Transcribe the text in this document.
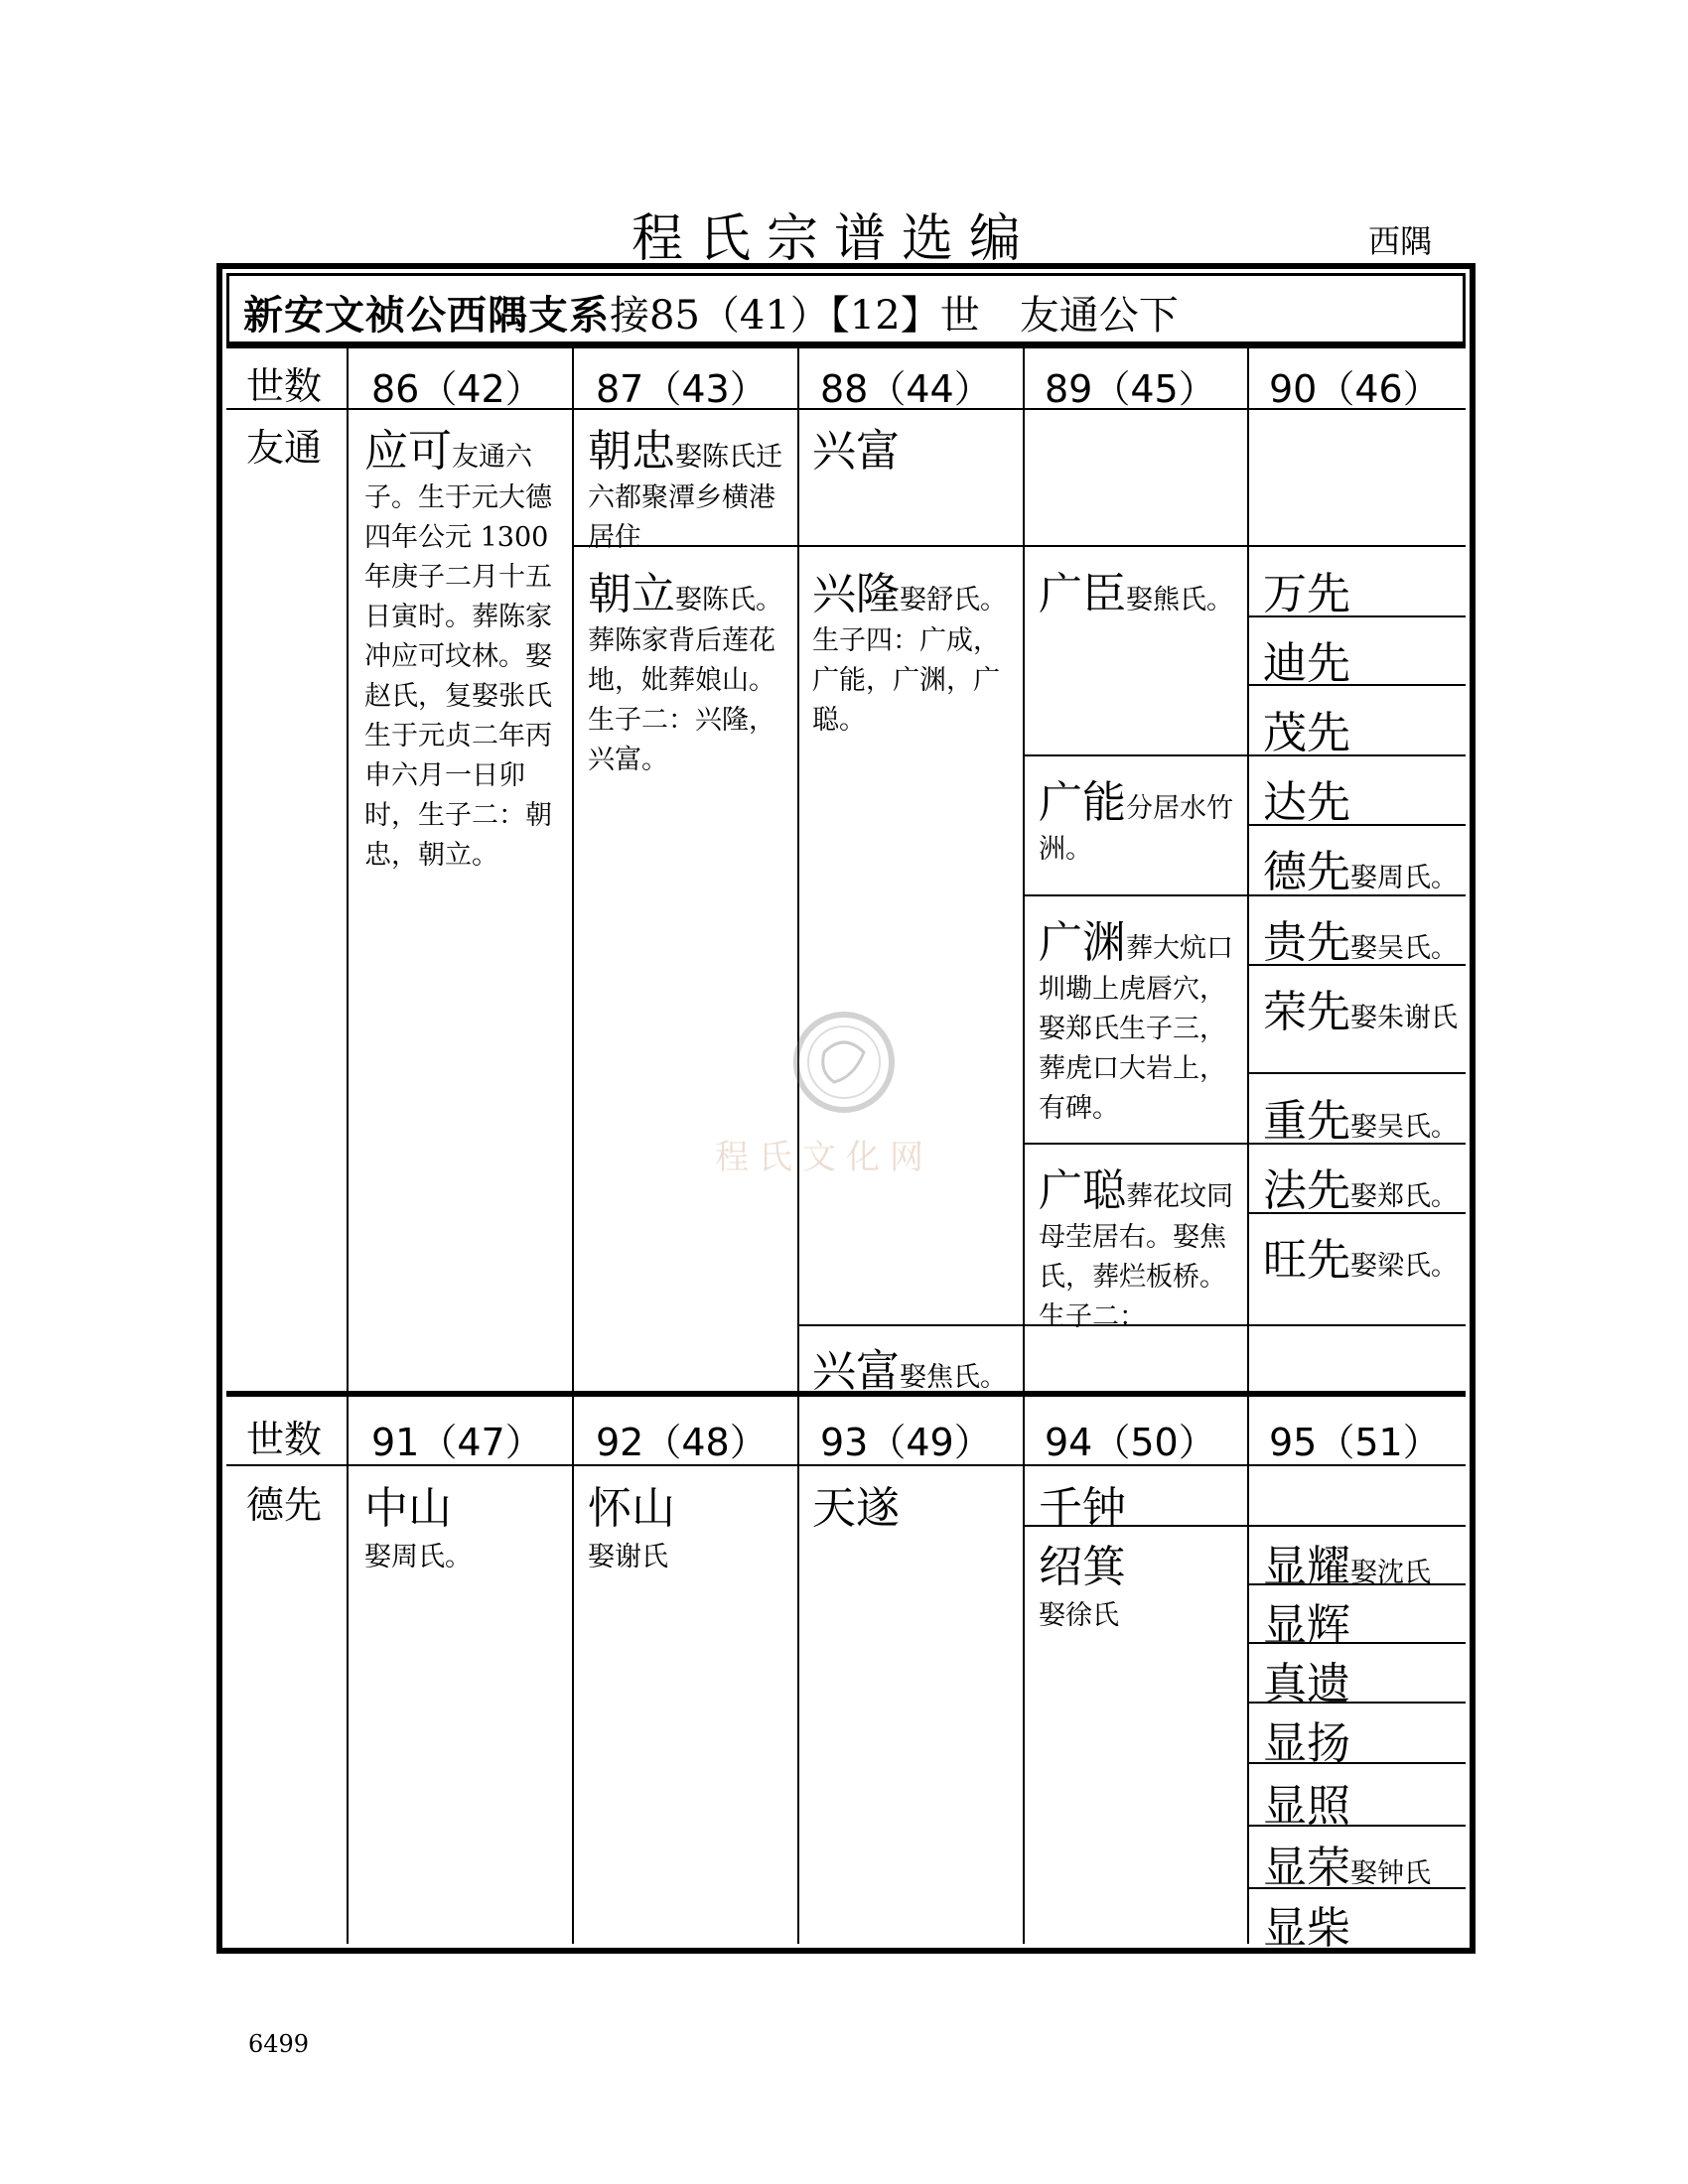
程氏宗谱选编	西隅
新安文祯公西隅支系接85（41）【12】世　友通公下
世数 86（42） 87（43） 88（44） 89（45） 90（46）
友通 应可友通六子。生于元大德四年公元 1300年庚子二月十五日寅时。葬陈家冲应可坟林。娶赵氏，复娶张氏生于元贞二年丙申六月一日卯时，生子二：朝忠，朝立。
朝忠娶陈氏迁六都聚潭乡横港居住
兴富
朝立娶陈氏。葬陈家背后莲花地，妣葬娘山。生子二：兴隆，兴富。
兴隆娶舒氏。生子四：广成，广能，广渊，广聪。
广臣娶熊氏。 万先
迪先
茂先
广能分居水竹洲。
达先
德先娶周氏。
广渊葬大炕口圳墈上虎唇穴，娶郑氏生子三，葬虎口大岩上，有碑。
贵先娶吴氏。
荣先娶朱谢氏
重先娶吴氏。
广聪葬花坟同母茔居右。娶焦氏，葬烂板桥。生子二：
法先娶郑氏。
旺先娶梁氏。
兴富娶焦氏。
世数 91（47） 92（48） 93（49） 94（50） 95（51）
德先 中山
娶周氏。
怀山
娶谢氏
天遂	千钟
绍箕
娶徐氏
显耀娶沈氏
显辉
真遗
显扬
显照
显荣娶钟氏
显柴
程氏文化网
6499
